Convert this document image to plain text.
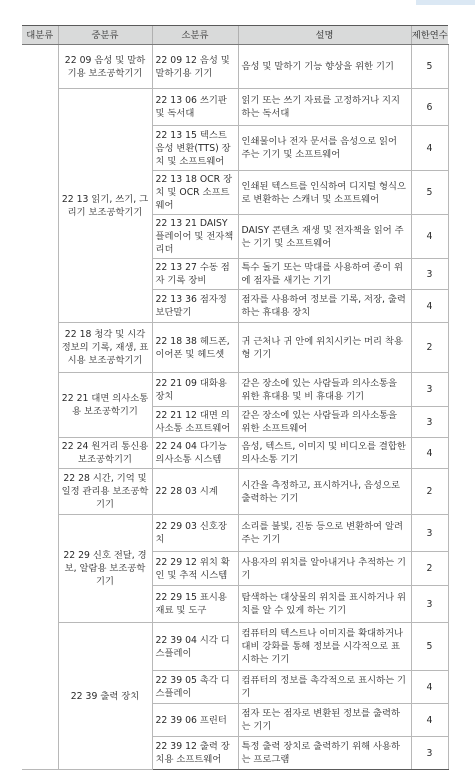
대분류	중분류	소분류	설명	제한연수
	22 09 음성 및 말하기용 보조공학기기	22 09 12 음성 및 말하기용 기기	음성 및 말하기 기능 향상을 위한 기기	5
	22 13 읽기, 쓰기, 그리기 보조공학기기	22 13 06 쓰기판 및 독서대	읽기 또는 쓰기 자료를 고정하거나 지지하는 독서대	6
		22 13 15 텍스트 음성 변환(TTS) 장치 및 소프트웨어	인쇄물이나 전자 문서를 음성으로 읽어 주는 기기 및 소프트웨어	4
		22 13 18 OCR 장치 및 OCR 소프트웨어	인쇄된 텍스트를 인식하여 디지털 형식으로 변환하는 스캐너 및 소프트웨어	5
		22 13 21 DAISY 플레이어 및 전자책 리더	DAISY 콘텐츠 재생 및 전자책을 읽어 주는 기기 및 소프트웨어	4
		22 13 27 수동 점자 기록 장비	특수 돌기 또는 막대를 사용하여 종이 위에 점자를 새기는 기기	3
		22 13 36 점자정보단말기	점자를 사용하여 정보를 기록, 저장, 출력하는 휴대용 장치	4
	22 18 청각 및 시각 정보의 기록, 재생, 표시용 보조공학기기	22 18 38 헤드폰, 이어폰 및 헤드셋	귀 근처나 귀 안에 위치시키는 머리 착용형 기기	2
	22 21 대면 의사소통용 보조공학기기	22 21 09 대화용 장치	같은 장소에 있는 사람들과 의사소통을 위한 휴대용 및 비 휴대용 기기	3
		22 21 12 대면 의사소통 소프트웨어	같은 장소에 있는 사람들과 의사소통을 위한 소프트웨어	3
	22 24 원거리 통신용 보조공학기기	22 24 04 다기능 의사소통 시스템	음성, 텍스트, 이미지 및 비디오를 결합한 의사소통 기기	4
	22 28 시간, 기억 및 일정 관리용 보조공학기기	22 28 03 시계	시간을 측정하고, 표시하거나, 음성으로 출력하는 기기	2
	22 29 신호 전달, 경보, 알람용 보조공학기기	22 29 03 신호장치	소리를 불빛, 진동 등으로 변환하여 알려주는 기기	3
		22 29 12 위치 확인 및 추적 시스템	사용자의 위치를 알아내거나 추적하는 기기	2
		22 29 15 표시용 재료 및 도구	탐색하는 대상물의 위치를 표시하거나 위치를 알 수 있게 하는 기기	3
	22 39 출력 장치	22 39 04 시각 디스플레이	컴퓨터의 텍스트나 이미지를 확대하거나 대비 강화를 통해 정보를 시각적으로 표시하는 기기	5
		22 39 05 촉각 디스플레이	컴퓨터의 정보를 촉각적으로 표시하는 기기	4
		22 39 06 프린터	점자 또는 점자로 변환된 정보를 출력하는 기기	4
		22 39 12 출력 장치용 소프트웨어	특정 출력 장치로 출력하기 위해 사용하는 프로그램	3
